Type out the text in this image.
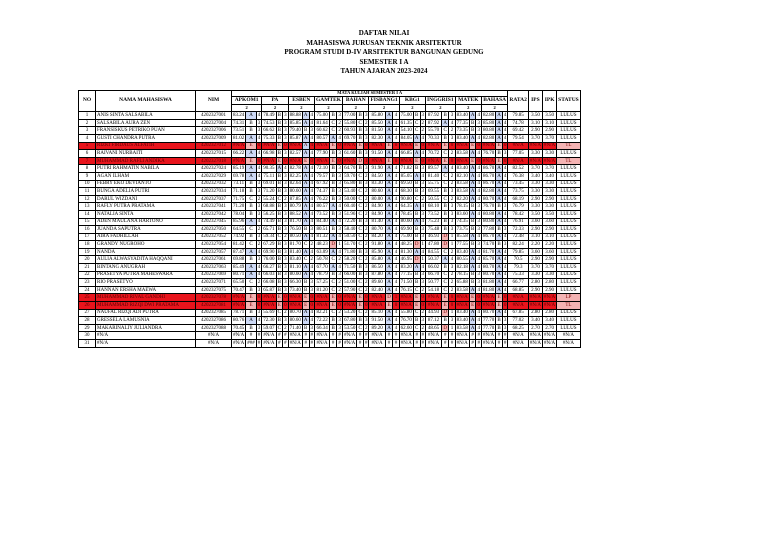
DAFTAR NILAI
MAHASISWA JURUSAN TEKNIK ARSITEKTUR
PROGRAM STUDI D-IV ARSITEKTUR BANGUNAN GEDUNG
SEMESTER I A
TAHUN AJARAN 2023-2024
NO	NAMA MAHASISWA	NIM	MATA KULIAH SEMESTER I A																														RATA2	IPS	IPK	STATUS
			APKOM1			PA			ESBEN			GAMTEK			BAHAN			FISBANG1			KBG1			INGGRIS1			MATEK			BAHASA						
			2			2			2			2			2			2			2			2			2			2						
1	ANIS SINTA SALSABILA	4202327001	83.24	A	4	78.49	B	3	88.88	A	4	75.00	B	3	77.00	B	3	85.80	A	4	75.00	B	3	87.92	B	3	83.40	A	4	82.80	A	4	79.85	3.50	3.50	LULUS
2	SALSABILA AURA ZEN	4202327004	74.31	B	3	74.53	B	3	85.85	A	4	81.64	C	2	55.80	C	2	85.50	A	4	61.35	C	2	87.92	A	4	77.35	B	3	85.80	A	4	74.78	3.10	3.10	LULUS
3	FRANSISKUS PETRIKO PUAN	4202327006	73.51	B	3	66.62	B	3	79.40	B	3	60.62	C	2	60.93	B	3	81.50	A	4	54.10	C	2	55.70	C	2	73.35	B	3	80.80	A	4	69.42	2.90	2.90	LULUS
4	GUSTI CHANDRA PUTRA	4202327009	81.02	A	4	75.33	B	3	85.87	A	4	80.57	A	4	69.70	B	3	82.30	A	4	84.05	A	4	70.33	B	3	83.40	A	4	82.80	A	4	79.54	3.70	3.70	LULUS
5	RIZKI FIRDAUS ALFATIH	4202327012	#N/A	E	0	#N/A	E	0	#N/A	A	4	#N/A	E	0	#N/A	E	0	#N/A	E	0	#N/A	E	0	#N/A	E	0	#N/A	E	0	#N/A	E	0	#N/A	#N/A	#N/A	TL
6	RAIVANI NURBAITI	4202327015	66.22	A	4	66.98	B	3	82.57	A	4	77.90	B	3	61.60	B	3	91.50	A	4	66.85	A	4	70.72	C	2	83.58	A	4	76.70	B	3	77.05	3.30	3.30	LULUS
7	MUHAMMAD RAFLI ANDIKA	4202327018	#N/A	E	0	#N/A	E	0	#N/A	E	0	#N/A	E	0	#N/A	D	1	#N/A	E	0	#N/A	E	0	#N/A	E	0	#N/A	E	0	#N/A	E	0	#N/A	#N/A	#N/A	TL
8	PUTRI RAHMATIN NABILA	4202327024	85.19	A	4	90.35	A	4	82.78	A	4	72.10	B	3	64.70	B	3	91.90	A	4	71.82	B	3	89.57	A	4	83.40	A	4	86.70	A	4	82.52	3.70	3.70	LULUS
9	AGAN ILHAM	4202327029	69.78	A	4	75.11	B	3	82.25	A	4	79.57	B	3	59.70	C	2	84.50	A	4	85.05	A	4	81.40	C	2	82.10	A	4	86.70	A	4	76.38	3.40	3.40	LULUS
10	FEBRY EKO DEVIANTO	4202327032	73.11	B	3	69.01	B	3	82.64	A	4	67.92	B	3	65.80	B	3	83.30	A	4	69.50	B	3	55.75	C	2	83.58	A	4	86.70	A	4	73.45	3.30	3.30	LULUS
11	BUNGA ADELIA PUTRI	4202327034	71.18	B	3	71.20	B	3	80.60	A	4	74.37	B	3	53.40	C	2	80.60	A	4	68.30	B	3	69.55	B	3	83.58	A	4	82.80	A	4	73.75	3.30	3.30	LULUS
12	DARUL WIZDANI	4202327037	71.75	C	2	55.24	C	2	87.85	A	4	76.22	B	3	50.00	C	2	80.00	A	4	90.80	C	2	50.55	C	2	82.20	A	4	80.70	A	4	68.19	2.90	2.90	LULUS
13	RAFLY PUTRA PRATAMA	4202327041	71.20	B	3	68.88	B	3	80.79	A	4	80.57	A	4	60.40	C	2	84.90	A	4	64.35	A	4	68.10	B	3	78.15	B	3	76.70	B	3	76.79	3.30	3.30	LULUS
14	NATALIA SINTA	4202327042	78.04	B	3	56.25	B	3	88.52	A	4	73.52	B	3	51.96	C	2	84.90	A	4	78.45	B	3	73.52	B	3	83.60	A	4	80.80	A	4	78.42	3.50	3.50	LULUS
15	ADEN MAULANA HARTONO	4202327045	85.96	A	4	74.49	B	3	81.70	A	4	84.40	A	4	72.20	B	3	81.40	A	4	80.60	A	4	75.23	B	3	74.35	B	3	80.80	A	4	76.91	3.60	3.60	LULUS
16	JUANDA SAPUTRA	4202327050	64.55	C	2	65.71	B	3	76.50	B	3	80.51	B	3	58.40	C	2	80.70	A	4	69.90	B	3	75.48	B	3	73.75	B	3	77.80	B	3	72.33	2.90	2.90	LULUS
17	AIRA FADHILLAH	4202327052	74.92	B	3	59.34	C	2	80.50	A	4	81.32	A	4	50.50	C	2	84.20	A	4	75.00	B	3	46.93	D	1	85.58	A	4	86.70	A	4	72.48	3.10	3.10	LULUS
18	GRANDY NUGROHO	4202327054	81.42	C	2	67.29	B	3	81.70	C	2	48.23	D	1	51.70	C	2	91.80	A	4	48.25	D	1	47.80	D	1	77.55	B	3	74.70	B	3	82.24	2.20	2.20	LULUS
19	NANDA	4202327057	87.47	A	4	69.90	B	3	81.40	A	4	63.09	A	4	71.80	B	3	85.90	A	4	81.30	A	4	84.55	C	2	83.40	A	4	81.70	A	4	79.85	3.60	3.60	LULUS
20	AULIA ALWASYADITA HAQQANI	4202327061	69.88	B	3	76.00	B	3	83.40	C	2	50.78	C	2	58.20	C	2	85.80	A	4	46.95	D	1	50.37	A	4	80.55	A	4	85.70	A	4	70.5	2.90	2.90	LULUS
21	BINTANG ANUGRAH	4202327063	85.49	A	4	66.27	B	3	81.10	A	4	67.70	A	4	71.50	B	3	86.50	A	4	83.20	A	4	66.02	B	3	82.18	A	4	80.70	A	4	79.3	3.70	3.70	LULUS
22	PRASETYA PUTRA MAHESWARA	4202327069	80.71	A	4	66.03	B	3	80.60	A	4	78.79	B	3	66.00	B	3	87.80	A	4	77.15	B	3	66.70	C	2	78.15	B	3	80.70	A	4	75.33	3.30	3.30	LULUS
23	RIO PRASETYO	4202327071	65.50	C	2	66.08	B	3	66.30	B	3	57.25	C	2	51.00	C	2	89.60	A	4	71.50	B	3	50.77	C	2	65.88	B	3	81.80	A	4	66.77	2.80	2.80	LULUS
24	HANNAN ERSHA MAEWA	4202327075	70.47	B	3	65.87	B	3	73.40	B	3	81.20	C	2	57.90	C	2	82.40	A	4	76.15	C	2	54.18	C	2	83.58	A	4	81.80	A	4	68.85	2.90	2.90	LULUS
25	MUHAMMAD RIVAL GANDHI	4202327078	#N/A	E	0	#N/A	E	0	#N/A	E	0	#N/A	E	0	#N/A	E	0	#N/A	D	1	#N/A	E	0	#N/A	E	0	#N/A	E	0	#N/A	E	0	#N/A	#N/A	#N/A	LP
26	MUHAMMAD RIZQI DWI PRATAMA	4202327081	#N/A	E	0	#N/A	E	0	#N/A	E	0	#N/A	E	0	#N/A	E	0	#N/A	E	0	#N/A	E	0	#N/A	E	0	#N/A	E	0	#N/A	E	0	#N/A	#N/A	#N/A	TL
27	NAUFAL RIZQI ADI PUTRA	4202327085	78.71	B	3	55.69	C	2	80.70	A	4	82.21	C	2	53.20	C	2	85.10	A	4	55.80	C	2	44.93	D	1	83.40	A	4	80.70	A	4	67.85	2.80	2.80	LULUS
28	GRESSELA LAMUSNIA	4202327086	80.76	A	4	72.30	B	3	80.60	A	4	72.22	B	3	67.80	B	3	91.50	A	4	76.70	B	3	87.12	B	3	83.40	A	4	77.70	B	3	77.02	3.40	3.40	LULUS
29	MAKARINALIY JULIANDRA	4202327088	70.45	B	3	59.07	C	2	71.40	B	3	66.34	B	3	53.50	C	2	89.20	A	4	62.60	C	2	48.65	D	1	83.58	A	4	77.70	B	3	68.25	2.70	2.70	LULUS
30	#N/A	#N/A	#N/A	#	#	#N/A	#	#	#N/A	#	#	#N/A	#	#	#N/A	#	#	#N/A	#	#	#N/A	#	#	#N/A	#	#	#N/A	#	#	#N/A	#	#	#N/A	#N/A	#N/A	#N/A
31	#N/A	#N/A	#N/A	###	#	#N/A	#	#	#N/A	#	#	#N/A	#	#	#N/A	#	#	#N/A	#	#	#N/A	#	#	#N/A	#	#	#N/A	#	#	#N/A	#	#	#N/A	#N/A	#N/A	#N/A
